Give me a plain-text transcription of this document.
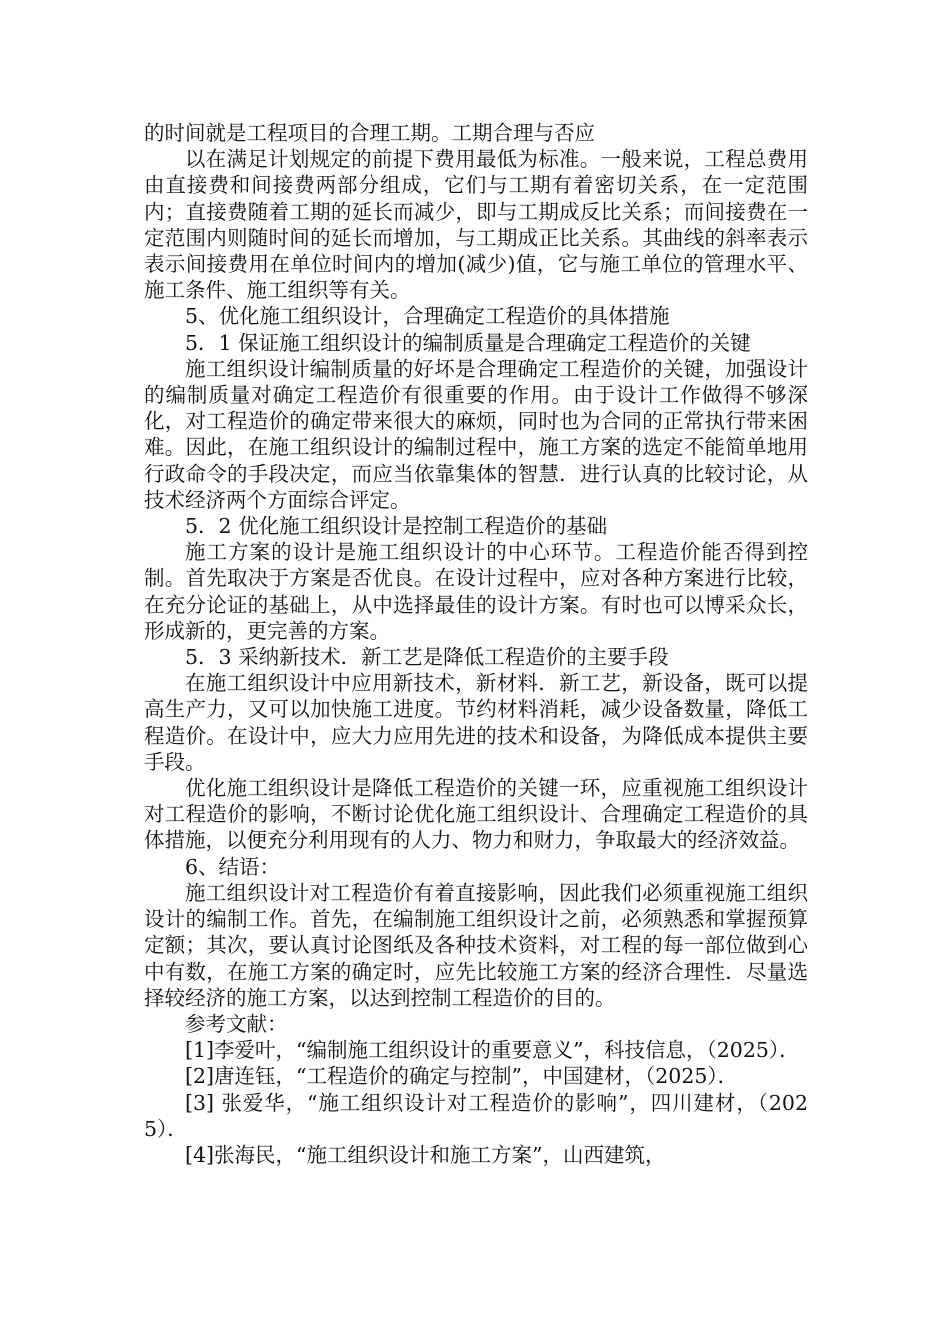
的时间就是工程项目的合理工期。工期合理与否应

以在满足计划规定的前提下费用最低为标准。一般来说，工程总费用由直接费和间接费两部分组成，它们与工期有着密切关系，在一定范围内；直接费随着工期的延长而减少，即与工期成反比关系；而间接费在一定范围内则随时间的延长而增加，与工期成正比关系。其曲线的斜率表示表示间接费用在单位时间内的增加(减少)值，它与施工单位的管理水平、施工条件、施工组织等有关。

5、优化施工组织设计，合理确定工程造价的具体措施

5．1 保证施工组织设计的编制质量是合理确定工程造价的关键

施工组织设计编制质量的好坏是合理确定工程造价的关键，加强设计的编制质量对确定工程造价有很重要的作用。由于设计工作做得不够深化，对工程造价的确定带来很大的麻烦，同时也为合同的正常执行带来困难。因此，在施工组织设计的编制过程中，施工方案的选定不能简单地用行政命令的手段决定，而应当依靠集体的智慧．进行认真的比较讨论，从技术经济两个方面综合评定。

5．2 优化施工组织设计是控制工程造价的基础

施工方案的设计是施工组织设计的中心环节。工程造价能否得到控制。首先取决于方案是否优良。在设计过程中，应对各种方案进行比较，在充分论证的基础上，从中选择最佳的设计方案。有时也可以博采众长，形成新的，更完善的方案。

5．3 采纳新技术．新工艺是降低工程造价的主要手段

在施工组织设计中应用新技术，新材料．新工艺，新设备，既可以提高生产力，又可以加快施工进度。节约材料消耗，减少设备数量，降低工程造价。在设计中，应大力应用先进的技术和设备，为降低成本提供主要手段。

优化施工组织设计是降低工程造价的关键一环，应重视施工组织设计对工程造价的影响，不断讨论优化施工组织设计、合理确定工程造价的具体措施，以便充分利用现有的人力、物力和财力，争取最大的经济效益。

6、结语：

施工组织设计对工程造价有着直接影响，因此我们必须重视施工组织设计的编制工作。首先，在编制施工组织设计之前，必须熟悉和掌握预算定额；其次，要认真讨论图纸及各种技术资料，对工程的每一部位做到心中有数，在施工方案的确定时，应先比较施工方案的经济合理性．尽量选择较经济的施工方案，以达到控制工程造价的目的。

参考文献：

[1]李爱叶，“编制施工组织设计的重要意义”，科技信息，（2025）．

[2]唐连钰，“工程造价的确定与控制”，中国建材，（2025）．

[3] 张爱华，“施工组织设计对工程造价的影响”，四川建材，（2025）．

[4]张海民，“施工组织设计和施工方案”，山西建筑，
